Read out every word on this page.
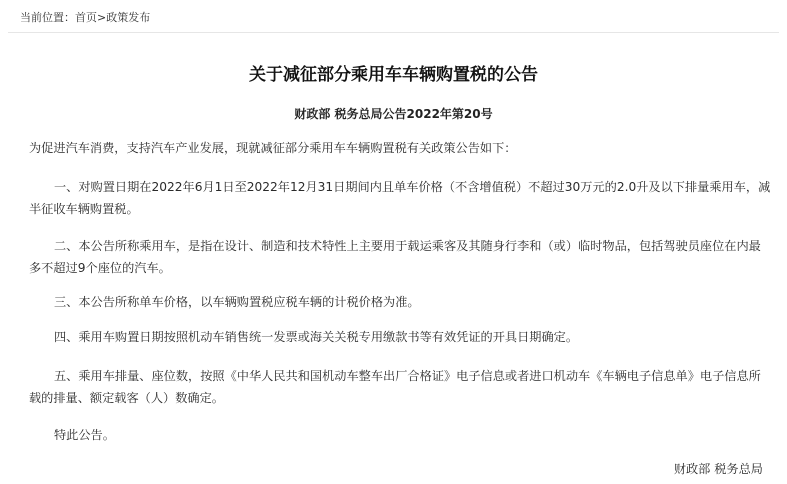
当前位置：首页>政策发布
关于减征部分乘用车车辆购置税的公告
财政部 税务总局公告2022年第20号

为促进汽车消费，支持汽车产业发展，现就减征部分乘用车车辆购置税有关政策公告如下：

一、对购置日期在2022年6月1日至2022年12月31日期间内且单车价格（不含增值税）不超过30万元的2.0升及以下排量乘用车，减半征收车辆购置税。

二、本公告所称乘用车，是指在设计、制造和技术特性上主要用于载运乘客及其随身行李和（或）临时物品，包括驾驶员座位在内最多不超过9个座位的汽车。

三、本公告所称单车价格，以车辆购置税应税车辆的计税价格为准。

四、乘用车购置日期按照机动车销售统一发票或海关关税专用缴款书等有效凭证的开具日期确定。

五、乘用车排量、座位数，按照《中华人民共和国机动车整车出厂合格证》电子信息或者进口机动车《车辆电子信息单》电子信息所载的排量、额定载客（人）数确定。

特此公告。

财政部 税务总局
